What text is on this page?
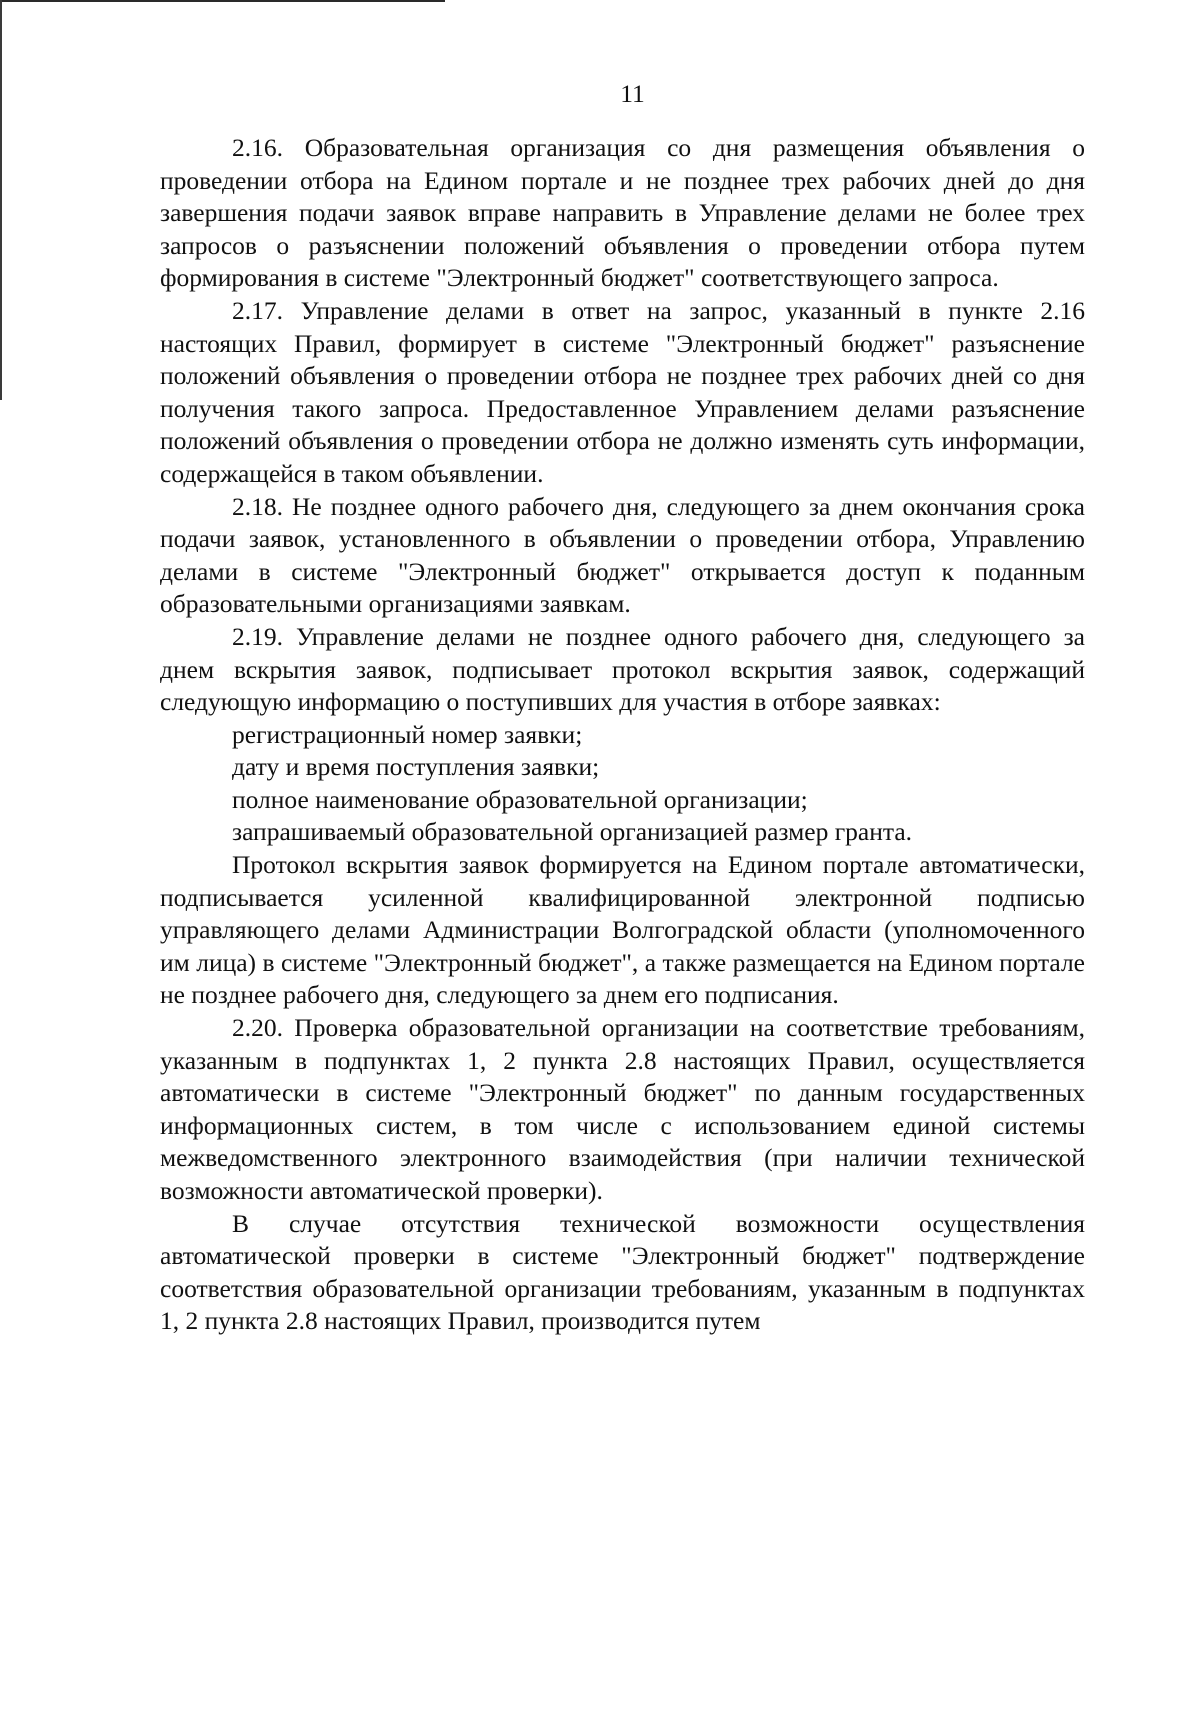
11

2.16. Образовательная организация со дня размещения объявления о проведении отбора на Едином портале и не позднее трех рабочих дней до дня завершения подачи заявок вправе направить в Управление делами не более трех запросов о разъяснении положений объявления о проведении отбора путем формирования в системе "Электронный бюджет" соответствующего запроса.

2.17. Управление делами в ответ на запрос, указанный в пункте 2.16 настоящих Правил, формирует в системе "Электронный бюджет" разъяснение положений объявления о проведении отбора не позднее трех рабочих дней со дня получения такого запроса. Предоставленное Управлением делами разъяснение положений объявления о проведении отбора не должно изменять суть информации, содержащейся в таком объявлении.

2.18. Не позднее одного рабочего дня, следующего за днем окончания срока подачи заявок, установленного в объявлении о проведении отбора, Управлению делами в системе "Электронный бюджет" открывается доступ к поданным образовательными организациями заявкам.

2.19. Управление делами не позднее одного рабочего дня, следующего за днем вскрытия заявок, подписывает протокол вскрытия заявок, содержащий следующую информацию о поступивших для участия в отборе заявках:

регистрационный номер заявки;

дату и время поступления заявки;

полное наименование образовательной организации;

запрашиваемый образовательной организацией размер гранта.

Протокол вскрытия заявок формируется на Едином портале автоматически, подписывается усиленной квалифицированной электронной подписью управляющего делами Администрации Волгоградской области (уполномоченного им лица) в системе "Электронный бюджет", а также размещается на Едином портале не позднее рабочего дня, следующего за днем его подписания.

2.20. Проверка образовательной организации на соответствие требованиям, указанным в подпунктах 1, 2 пункта 2.8 настоящих Правил, осуществляется автоматически в системе "Электронный бюджет" по данным государственных информационных систем, в том числе с использованием единой системы межведомственного электронного взаимодействия (при наличии технической возможности автоматической проверки).

В случае отсутствия технической возможности осуществления автоматической проверки в системе "Электронный бюджет" подтверждение соответствия образовательной организации требованиям, указанным в подпунктах 1, 2 пункта 2.8 настоящих Правил, производится путем
